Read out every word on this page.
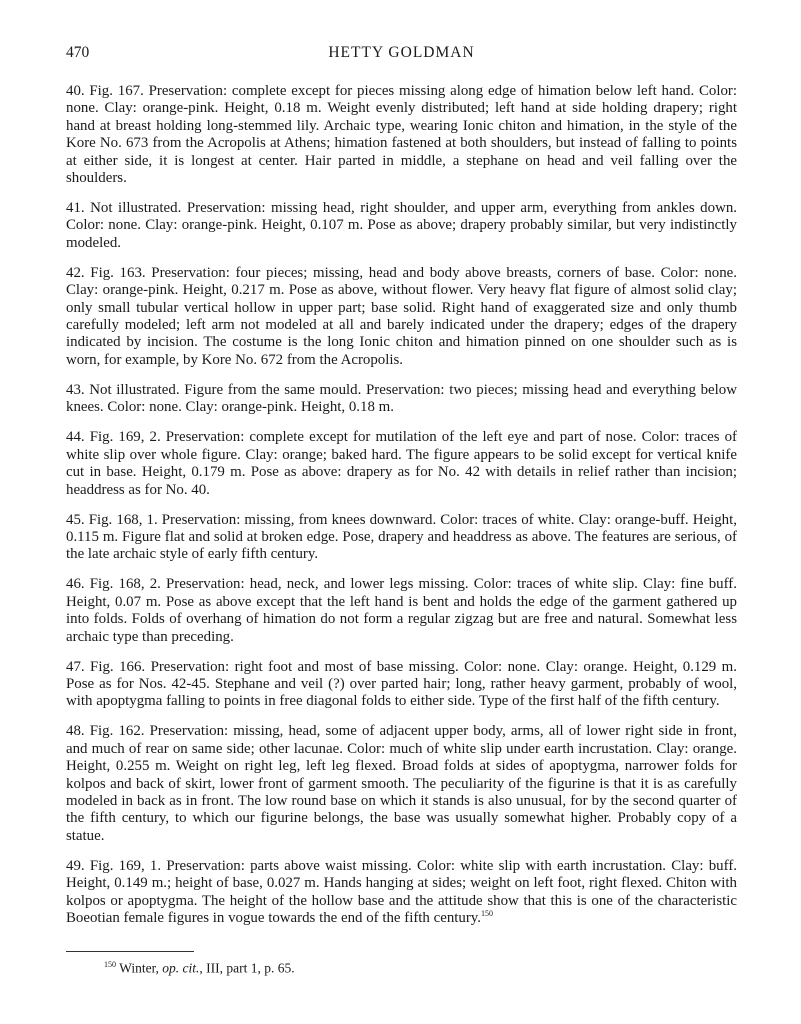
470	HETTY GOLDMAN

40. Fig. 167. Preservation: complete except for pieces missing along edge of himation below left hand. Color: none. Clay: orange-pink. Height, 0.18 m. Weight evenly distributed; left hand at side holding drapery; right hand at breast holding long-stemmed lily. Archaic type, wearing Ionic chiton and himation, in the style of the Kore No. 673 from the Acropolis at Athens; himation fastened at both shoulders, but instead of falling to points at either side, it is longest at center. Hair parted in middle, a stephane on head and veil falling over the shoulders.

41. Not illustrated. Preservation: missing head, right shoulder, and upper arm, everything from ankles down. Color: none. Clay: orange-pink. Height, 0.107 m. Pose as above; drapery probably similar, but very indistinctly modeled.

42. Fig. 163. Preservation: four pieces; missing, head and body above breasts, corners of base. Color: none. Clay: orange-pink. Height, 0.217 m. Pose as above, without flower. Very heavy flat figure of almost solid clay; only small tubular vertical hollow in upper part; base solid. Right hand of exaggerated size and only thumb carefully modeled; left arm not modeled at all and barely indicated under the drapery; edges of the drapery indicated by incision. The costume is the long Ionic chiton and himation pinned on one shoulder such as is worn, for example, by Kore No. 672 from the Acropolis.

43. Not illustrated. Figure from the same mould. Preservation: two pieces; missing head and everything below knees. Color: none. Clay: orange-pink. Height, 0.18 m.

44. Fig. 169, 2. Preservation: complete except for mutilation of the left eye and part of nose. Color: traces of white slip over whole figure. Clay: orange; baked hard. The figure appears to be solid except for vertical knife cut in base. Height, 0.179 m. Pose as above: drapery as for No. 42 with details in relief rather than incision; headdress as for No. 40.

45. Fig. 168, 1. Preservation: missing, from knees downward. Color: traces of white. Clay: orange-buff. Height, 0.115 m. Figure flat and solid at broken edge. Pose, drapery and headdress as above. The features are serious, of the late archaic style of early fifth century.

46. Fig. 168, 2. Preservation: head, neck, and lower legs missing. Color: traces of white slip. Clay: fine buff. Height, 0.07 m. Pose as above except that the left hand is bent and holds the edge of the garment gathered up into folds. Folds of overhang of himation do not form a regular zigzag but are free and natural. Somewhat less archaic type than preceding.

47. Fig. 166. Preservation: right foot and most of base missing. Color: none. Clay: orange. Height, 0.129 m. Pose as for Nos. 42-45. Stephane and veil (?) over parted hair; long, rather heavy garment, probably of wool, with apoptygma falling to points in free diagonal folds to either side. Type of the first half of the fifth century.

48. Fig. 162. Preservation: missing, head, some of adjacent upper body, arms, all of lower right side in front, and much of rear on same side; other lacunae. Color: much of white slip under earth incrustation. Clay: orange. Height, 0.255 m. Weight on right leg, left leg flexed. Broad folds at sides of apoptygma, narrower folds for kolpos and back of skirt, lower front of garment smooth. The peculiarity of the figurine is that it is as carefully modeled in back as in front. The low round base on which it stands is also unusual, for by the second quarter of the fifth century, to which our figurine belongs, the base was usually somewhat higher. Probably copy of a statue.

49. Fig. 169, 1. Preservation: parts above waist missing. Color: white slip with earth incrustation. Clay: buff. Height, 0.149 m.; height of base, 0.027 m. Hands hanging at sides; weight on left foot, right flexed. Chiton with kolpos or apoptygma. The height of the hollow base and the attitude show that this is one of the characteristic Boeotian female figures in vogue towards the end of the fifth century.$^{150}$

$^{150}$ Winter, op. cit., III, part 1, p. 65.
